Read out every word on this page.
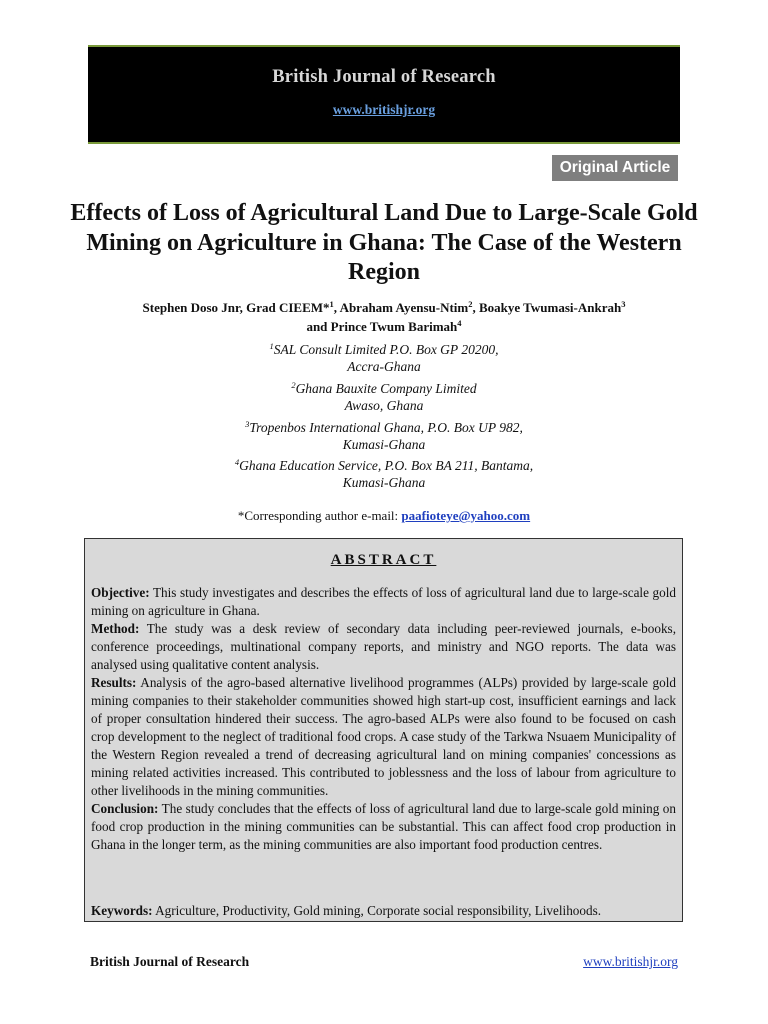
British Journal of Research
www.britishjr.org
Original Article
Effects of Loss of Agricultural Land Due to Large-Scale Gold Mining on Agriculture in Ghana: The Case of the Western Region
Stephen Doso Jnr, Grad CIEEM*$^1$, Abraham Ayensu-Ntim$^2$, Boakye Twumasi-Ankrah$^3$
and Prince Twum Barimah$^4$
$^1$SAL Consult Limited P.O. Box GP 20200,
Accra-Ghana
$^2$Ghana Bauxite Company Limited
Awaso, Ghana
$^3$Tropenbos International Ghana, P.O. Box UP 982,
Kumasi-Ghana
$^4$Ghana Education Service, P.O. Box BA 211, Bantama,
Kumasi-Ghana
*Corresponding author e-mail: paafioteye@yahoo.com
ABSTRACT

Objective: This study investigates and describes the effects of loss of agricultural land due to large-scale gold mining on agriculture in Ghana.

Method: The study was a desk review of secondary data including peer-reviewed journals, e-books, conference proceedings, multinational company reports, and ministry and NGO reports. The data was analysed using qualitative content analysis.

Results: Analysis of the agro-based alternative livelihood programmes (ALPs) provided by large-scale gold mining companies to their stakeholder communities showed high start-up cost, insufficient earnings and lack of proper consultation hindered their success. The agro-based ALPs were also found to be focused on cash crop development to the neglect of traditional food crops. A case study of the Tarkwa Nsuaem Municipality of the Western Region revealed a trend of decreasing agricultural land on mining companies' concessions as mining related activities increased. This contributed to joblessness and the loss of labour from agriculture to other livelihoods in the mining communities.

Conclusion: The study concludes that the effects of loss of agricultural land due to large-scale gold mining on food crop production in the mining communities can be substantial. This can affect food crop production in Ghana in the longer term, as the mining communities are also important food production centres.

Keywords: Agriculture, Productivity, Gold mining, Corporate social responsibility, Livelihoods.
British Journal of Research	www.britishjr.org
